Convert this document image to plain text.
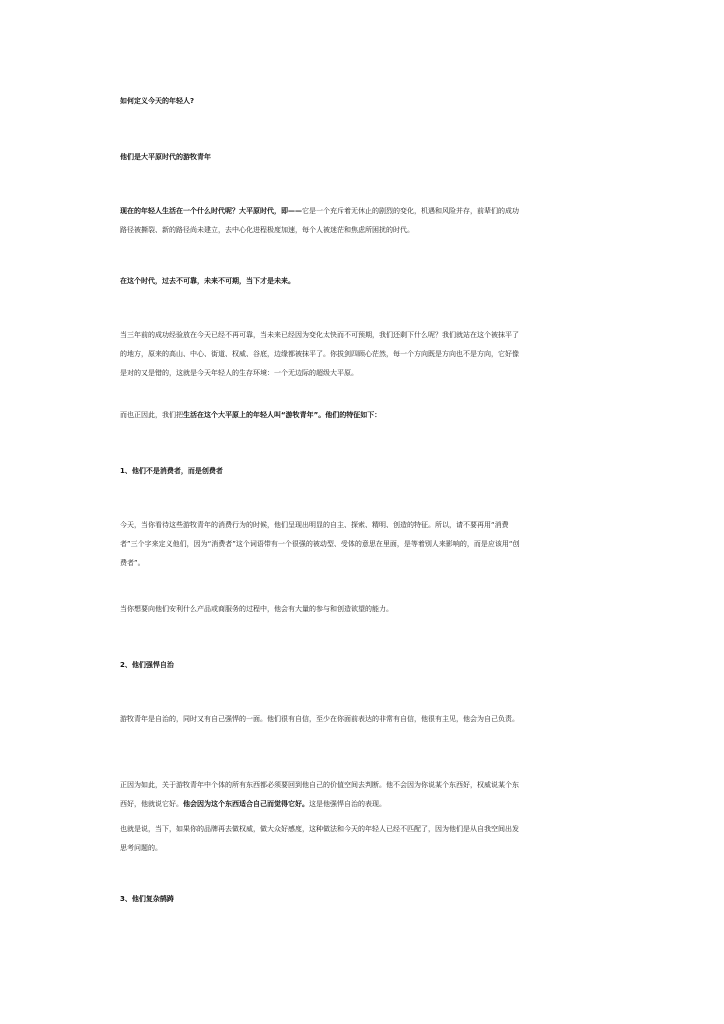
如何定义今天的年轻人?
他们是大平原时代的游牧青年
现在的年轻人生活在一个什么时代呢？大平原时代，即——它是一个充斥着无休止的剧烈的变化，机遇和风险并存，前辈们的成功路径被撕裂、新的路径尚未建立，去中心化进程极度加速，每个人被迷茫和焦虑所困扰的时代。
在这个时代，过去不可靠，未来不可期，当下才是未来。
当三年前的成功经验放在今天已经不再可靠，当未来已经因为变化太快而不可预期，我们还剩下什么呢？我们就站在这个被抹平了的地方，原来的高山、中心、街道、权威、谷底，边缘都被抹平了。你拔剑四顾心茫然，每一个方向既是方向也不是方向，它好像是对的又是错的，这就是今天年轻人的生存环境：一个无边际的超级大平原。
而也正因此，我们把生活在这个大平原上的年轻人叫“游牧青年”。他们的特征如下：
1、他们不是消费者，而是创费者
今天，当你看待这些游牧青年的消费行为的时候，他们呈现出明显的自主、探索、精明、创造的特征。所以，请不要再用“消费者”三个字来定义他们，因为“消费者”这个词语带有一个很强的被动型、受体的意思在里面，是等着别人来影响的，而是应该用“创费者”。
当你想要向他们安利什么产品或商服务的过程中，他会有大量的参与和创造欲望的能力。
2、他们强悍自治
游牧青年是自治的，同时又有自己强悍的一面。他们很有自信，至少在你面前表达的非常有自信，他很有主见，他会为自己负责。
正因为如此，关于游牧青年中个体的所有东西都必须要回到他自己的价值空间去判断。他不会因为你说某个东西好，权威说某个东西好，他就说它好。他会因为这个东西适合自己而觉得它好。这是他强悍自治的表现。
也就是说，当下，如果你的品牌再去做权威，做大众好感度，这种做法和今天的年轻人已经不匹配了，因为他们是从自我空间出发思考问题的。
3、他们复杂鹄踌
